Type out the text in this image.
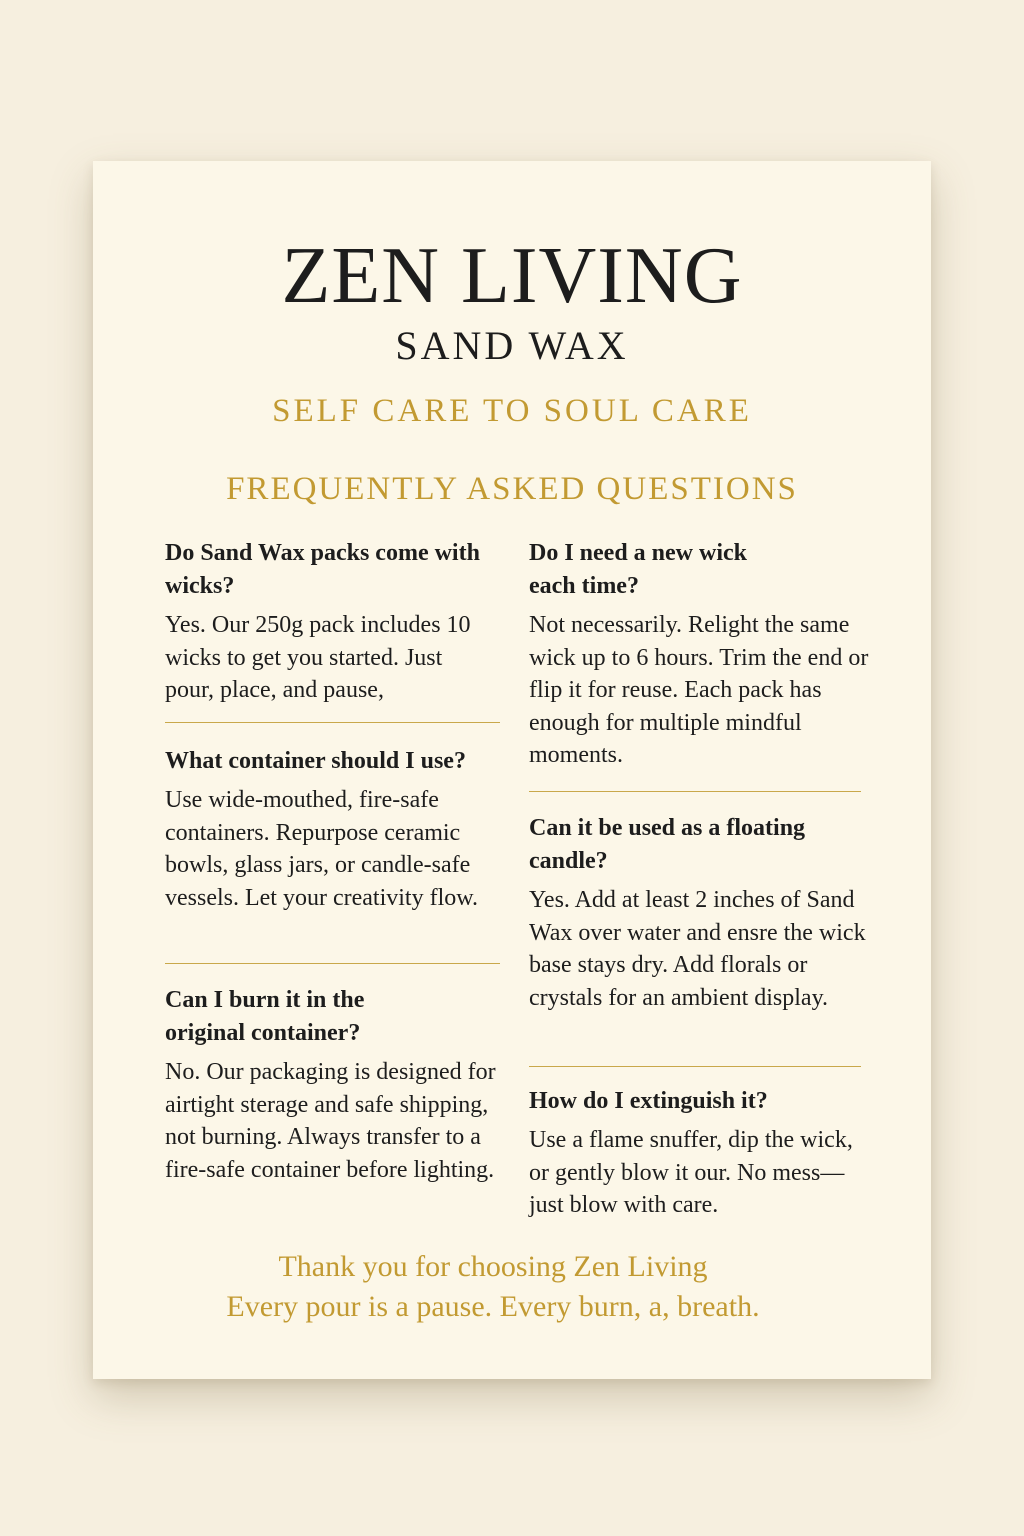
ZEN LIVING
SAND WAX
SELF CARE TO SOUL CARE
FREQUENTLY ASKED QUESTIONS

Do Sand Wax packs come with wicks?

Yes. Our 250g pack includes 10 wicks to get you started. Just pour, place, and pause,

What container should I use?

Use wide-mouthed, fire-safe containers. Repurpose ceramic bowls, glass jars, or candle-safe vessels. Let your creativity flow.

Can I burn it in the original container?

No. Our packaging is designed for airtight sterage and safe shipping, not burning. Always transfer to a fire-safe container before lighting.

Do I need a new wick each time?

Not necessarily. Relight the same wick up to 6 hours. Trim the end or flip it for reuse. Each pack has enough for multiple mindful moments.

Can it be used as a floating candle?

Yes. Add at least 2 inches of Sand Wax over water and ensre the wick base stays dry. Add florals or crystals for an ambient display.

How do I extinguish it?

Use a flame snuffer, dip the wick, or gently blow it our. No mess—just blow with care.

Thank you for choosing Zen Living
Every pour is a pause. Every burn, a, breath.
